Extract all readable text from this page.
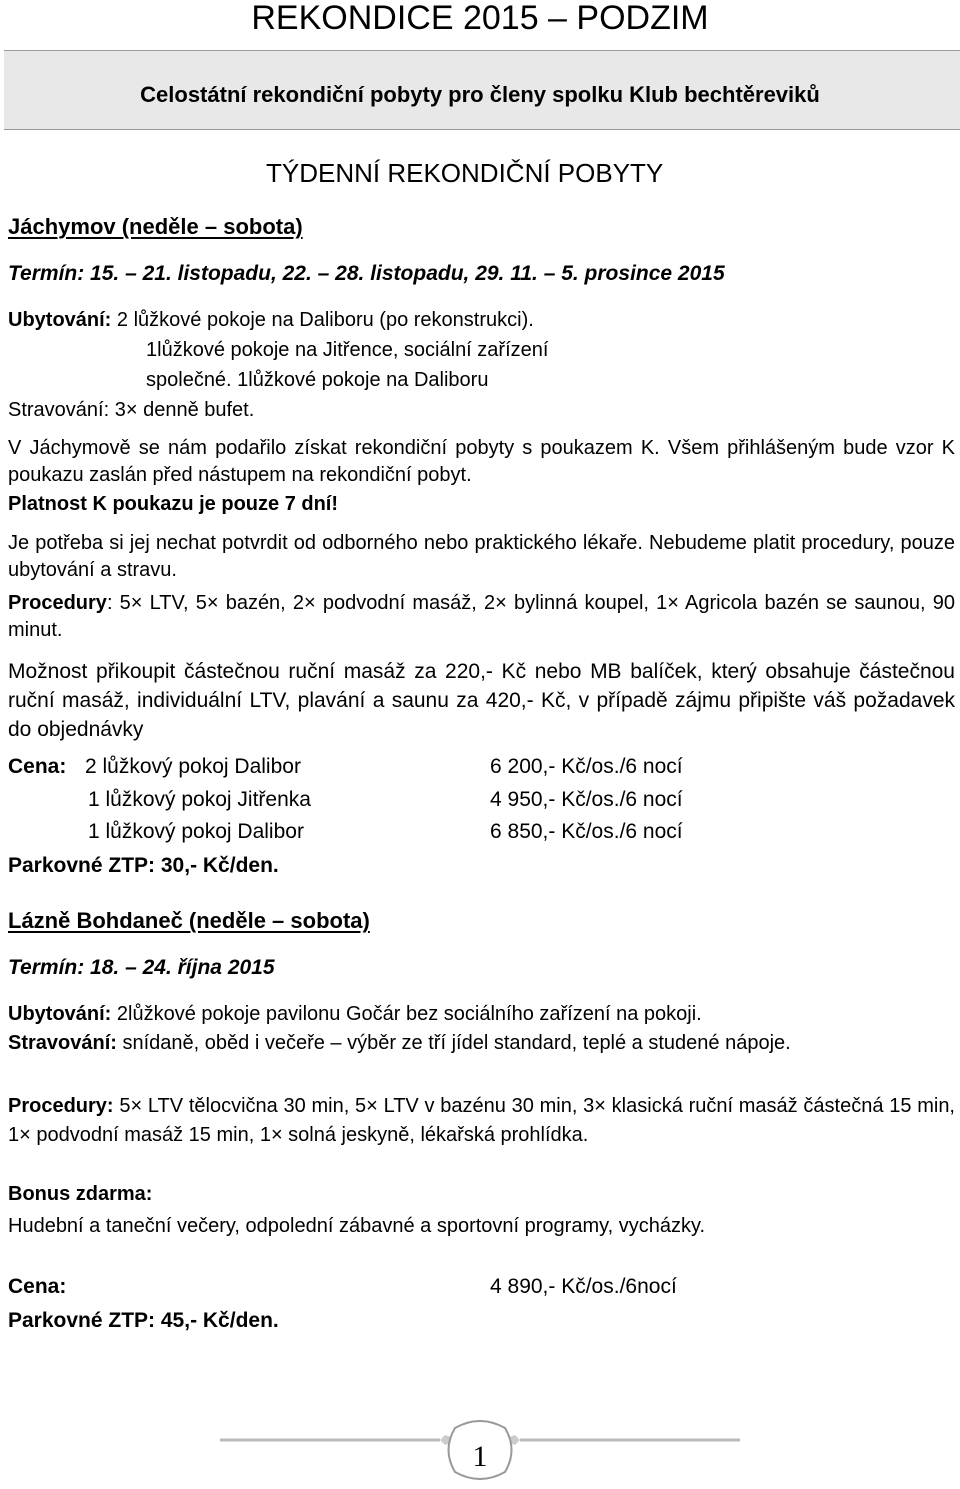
REKONDICE 2015 – PODZIM
Celostátní rekondiční pobyty pro členy spolku Klub bechtěreviků
TÝDENNÍ REKONDIČNÍ POBYTY
Jáchymov (neděle – sobota)
Termín: 15. – 21. listopadu, 22. – 28. listopadu, 29. 11. – 5. prosince 2015
Ubytování: 2 lůžkové pokoje na Daliboru (po rekonstrukci).
1lůžkové pokoje na Jitřence, sociální zařízení
společné. 1lůžkové pokoje na Daliboru
Stravování: 3× denně bufet.
V Jáchymově se nám podařilo získat rekondiční pobyty s poukazem K. Všem přihlášeným bude vzor K poukazu zaslán před nástupem na rekondiční pobyt.
Platnost K poukazu je pouze 7 dní!
Je potřeba si jej nechat potvrdit od odborného nebo praktického lékaře. Nebudeme platit procedury, pouze ubytování a stravu.
Procedury: 5× LTV, 5× bazén, 2× podvodní masáž, 2× bylinná koupel, 1× Agricola bazén se saunou, 90 minut.
Možnost přikoupit částečnou ruční masáž za 220,- Kč nebo MB balíček, který obsahuje částečnou ruční masáž, individuální LTV, plavání a saunu za 420,- Kč, v případě zájmu připište váš požadavek do objednávky
Cena: 2 lůžkový pokoj Dalibor	6 200,- Kč/os./6 nocí
1 lůžkový pokoj Jitřenka	4 950,- Kč/os./6 nocí
1 lůžkový pokoj Dalibor	6 850,- Kč/os./6 nocí
Parkovné ZTP: 30,- Kč/den.
Lázně Bohdaneč (neděle – sobota)
Termín: 18. – 24. října 2015
Ubytování: 2lůžkové pokoje pavilonu Gočár bez sociálního zařízení na pokoji.
Stravování: snídaně, oběd i večeře – výběr ze tří jídel standard, teplé a studené nápoje.
Procedury: 5× LTV tělocvična 30 min, 5× LTV v bazénu 30 min, 3× klasická ruční masáž částečná 15 min, 1× podvodní masáž 15 min, 1× solná jeskyně, lékařská prohlídka.
Bonus zdarma:
Hudební a taneční večery, odpolední zábavné a sportovní programy, vycházky.
Cena:	4 890,- Kč/os./6nocí
Parkovné ZTP: 45,- Kč/den.
1
